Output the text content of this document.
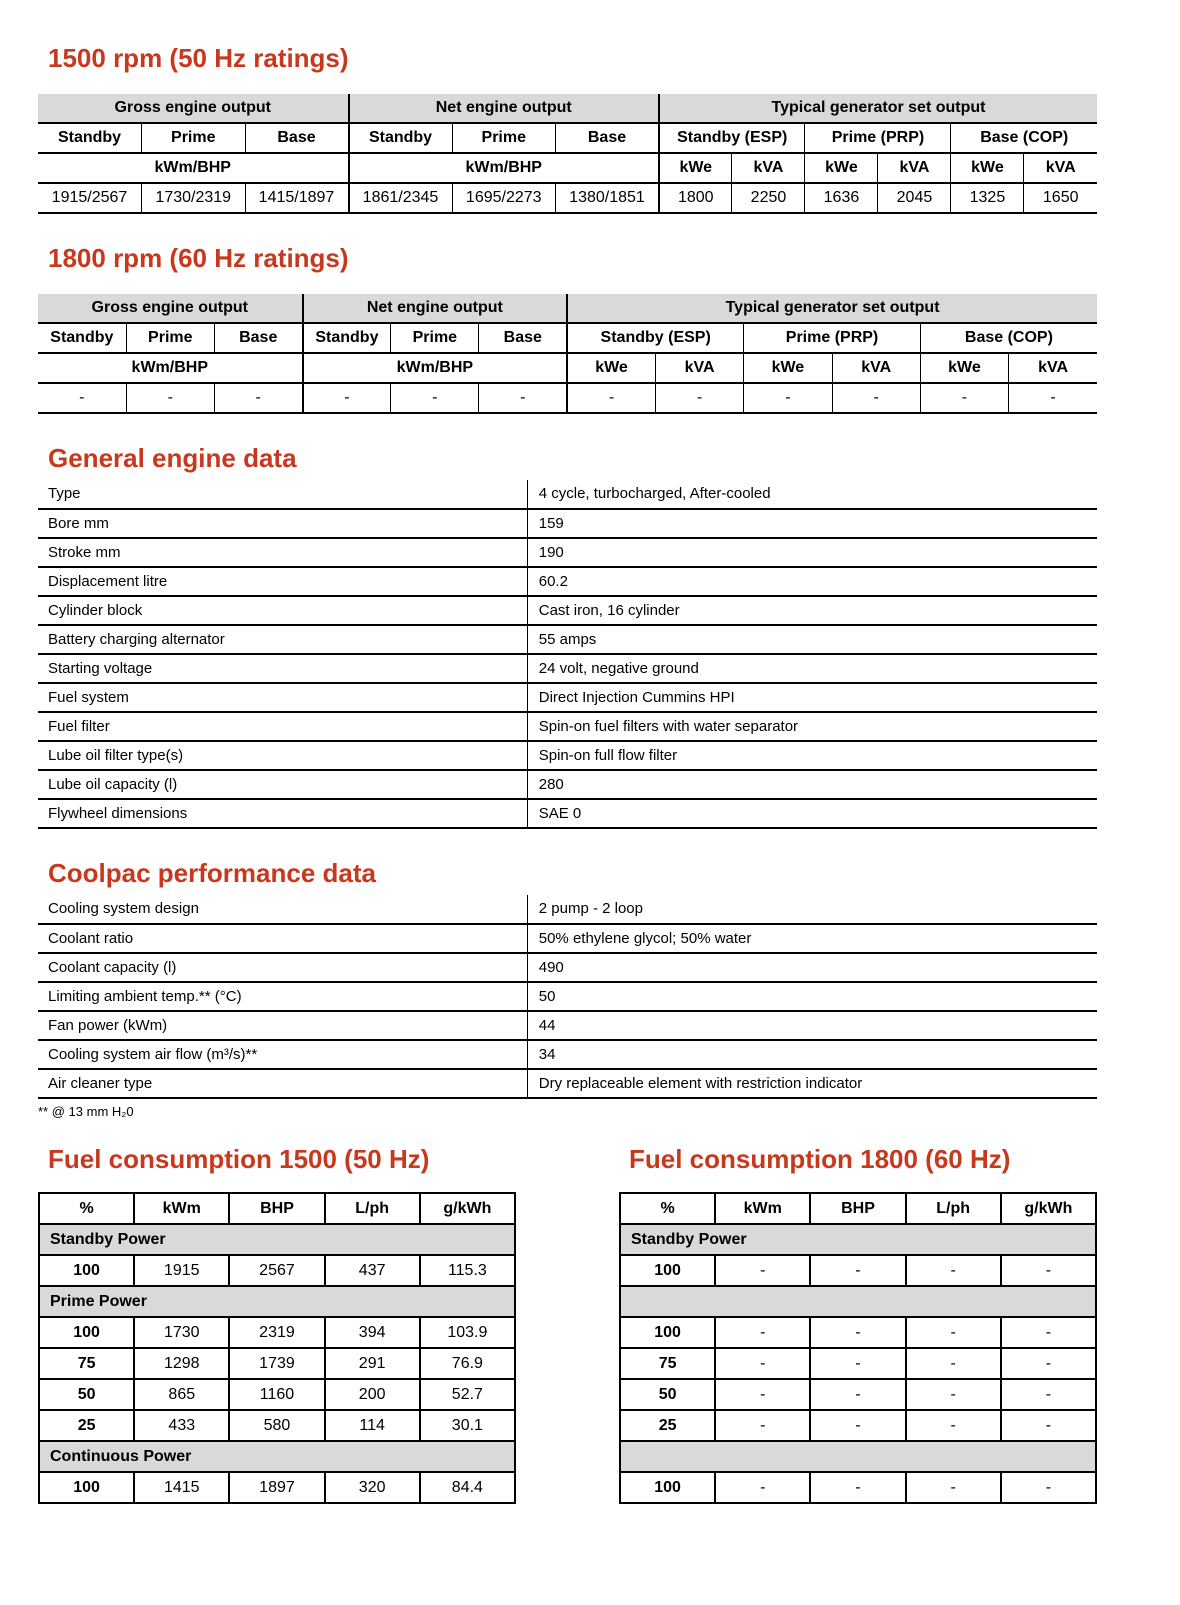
1500 rpm (50 Hz ratings)
Gross engine output			Net engine output			Typical generator set output					
Standby	Prime	Base	Standby	Prime	Base	Standby (ESP)		Prime (PRP)		Base (COP)	
kWm/BHP			kWm/BHP			kWe	kVA	kWe	kVA	kWe	kVA
1915/2567	1730/2319	1415/1897	1861/2345	1695/2273	1380/1851	1800	2250	1636	2045	1325	1650
1800 rpm (60 Hz ratings)
Gross engine output			Net engine output			Typical generator set output					
Standby	Prime	Base	Standby	Prime	Base	Standby (ESP)		Prime (PRP)		Base (COP)	
kWm/BHP			kWm/BHP			kWe	kVA	kWe	kVA	kWe	kVA
-	-	-	-	-	-	-	-	-	-	-	-
General engine data
Type	4 cycle, turbocharged, After-cooled
Bore mm	159
Stroke mm	190
Displacement litre	60.2
Cylinder block	Cast iron, 16 cylinder
Battery charging alternator	55 amps
Starting voltage	24 volt, negative ground
Fuel system	Direct Injection Cummins HPI
Fuel filter	Spin-on fuel filters with water separator
Lube oil filter type(s)	Spin-on full flow filter
Lube oil capacity (l)	280
Flywheel dimensions	SAE 0
Coolpac performance data
Cooling system design	2 pump - 2 loop
Coolant ratio	50% ethylene glycol; 50% water
Coolant capacity (l)	490
Limiting ambient temp.** (°C)	50
Fan power (kWm)	44
Cooling system air flow (m³/s)**	34
Air cleaner type	Dry replaceable element with restriction indicator
** @ 13 mm H₂0
Fuel consumption 1500 (50 Hz)
%	kWm	BHP	L/ph	g/kWh
Standby Power				
100	1915	2567	437	115.3
Prime Power				
100	1730	2319	394	103.9
75	1298	1739	291	76.9
50	865	1160	200	52.7
25	433	580	114	30.1
Continuous Power				
100	1415	1897	320	84.4
Fuel consumption 1800 (60 Hz)
%	kWm	BHP	L/ph	g/kWh
Standby Power				
100	-	-	-	-

100	-	-	-	-
75	-	-	-	-
50	-	-	-	-
25	-	-	-	-

100	-	-	-	-
